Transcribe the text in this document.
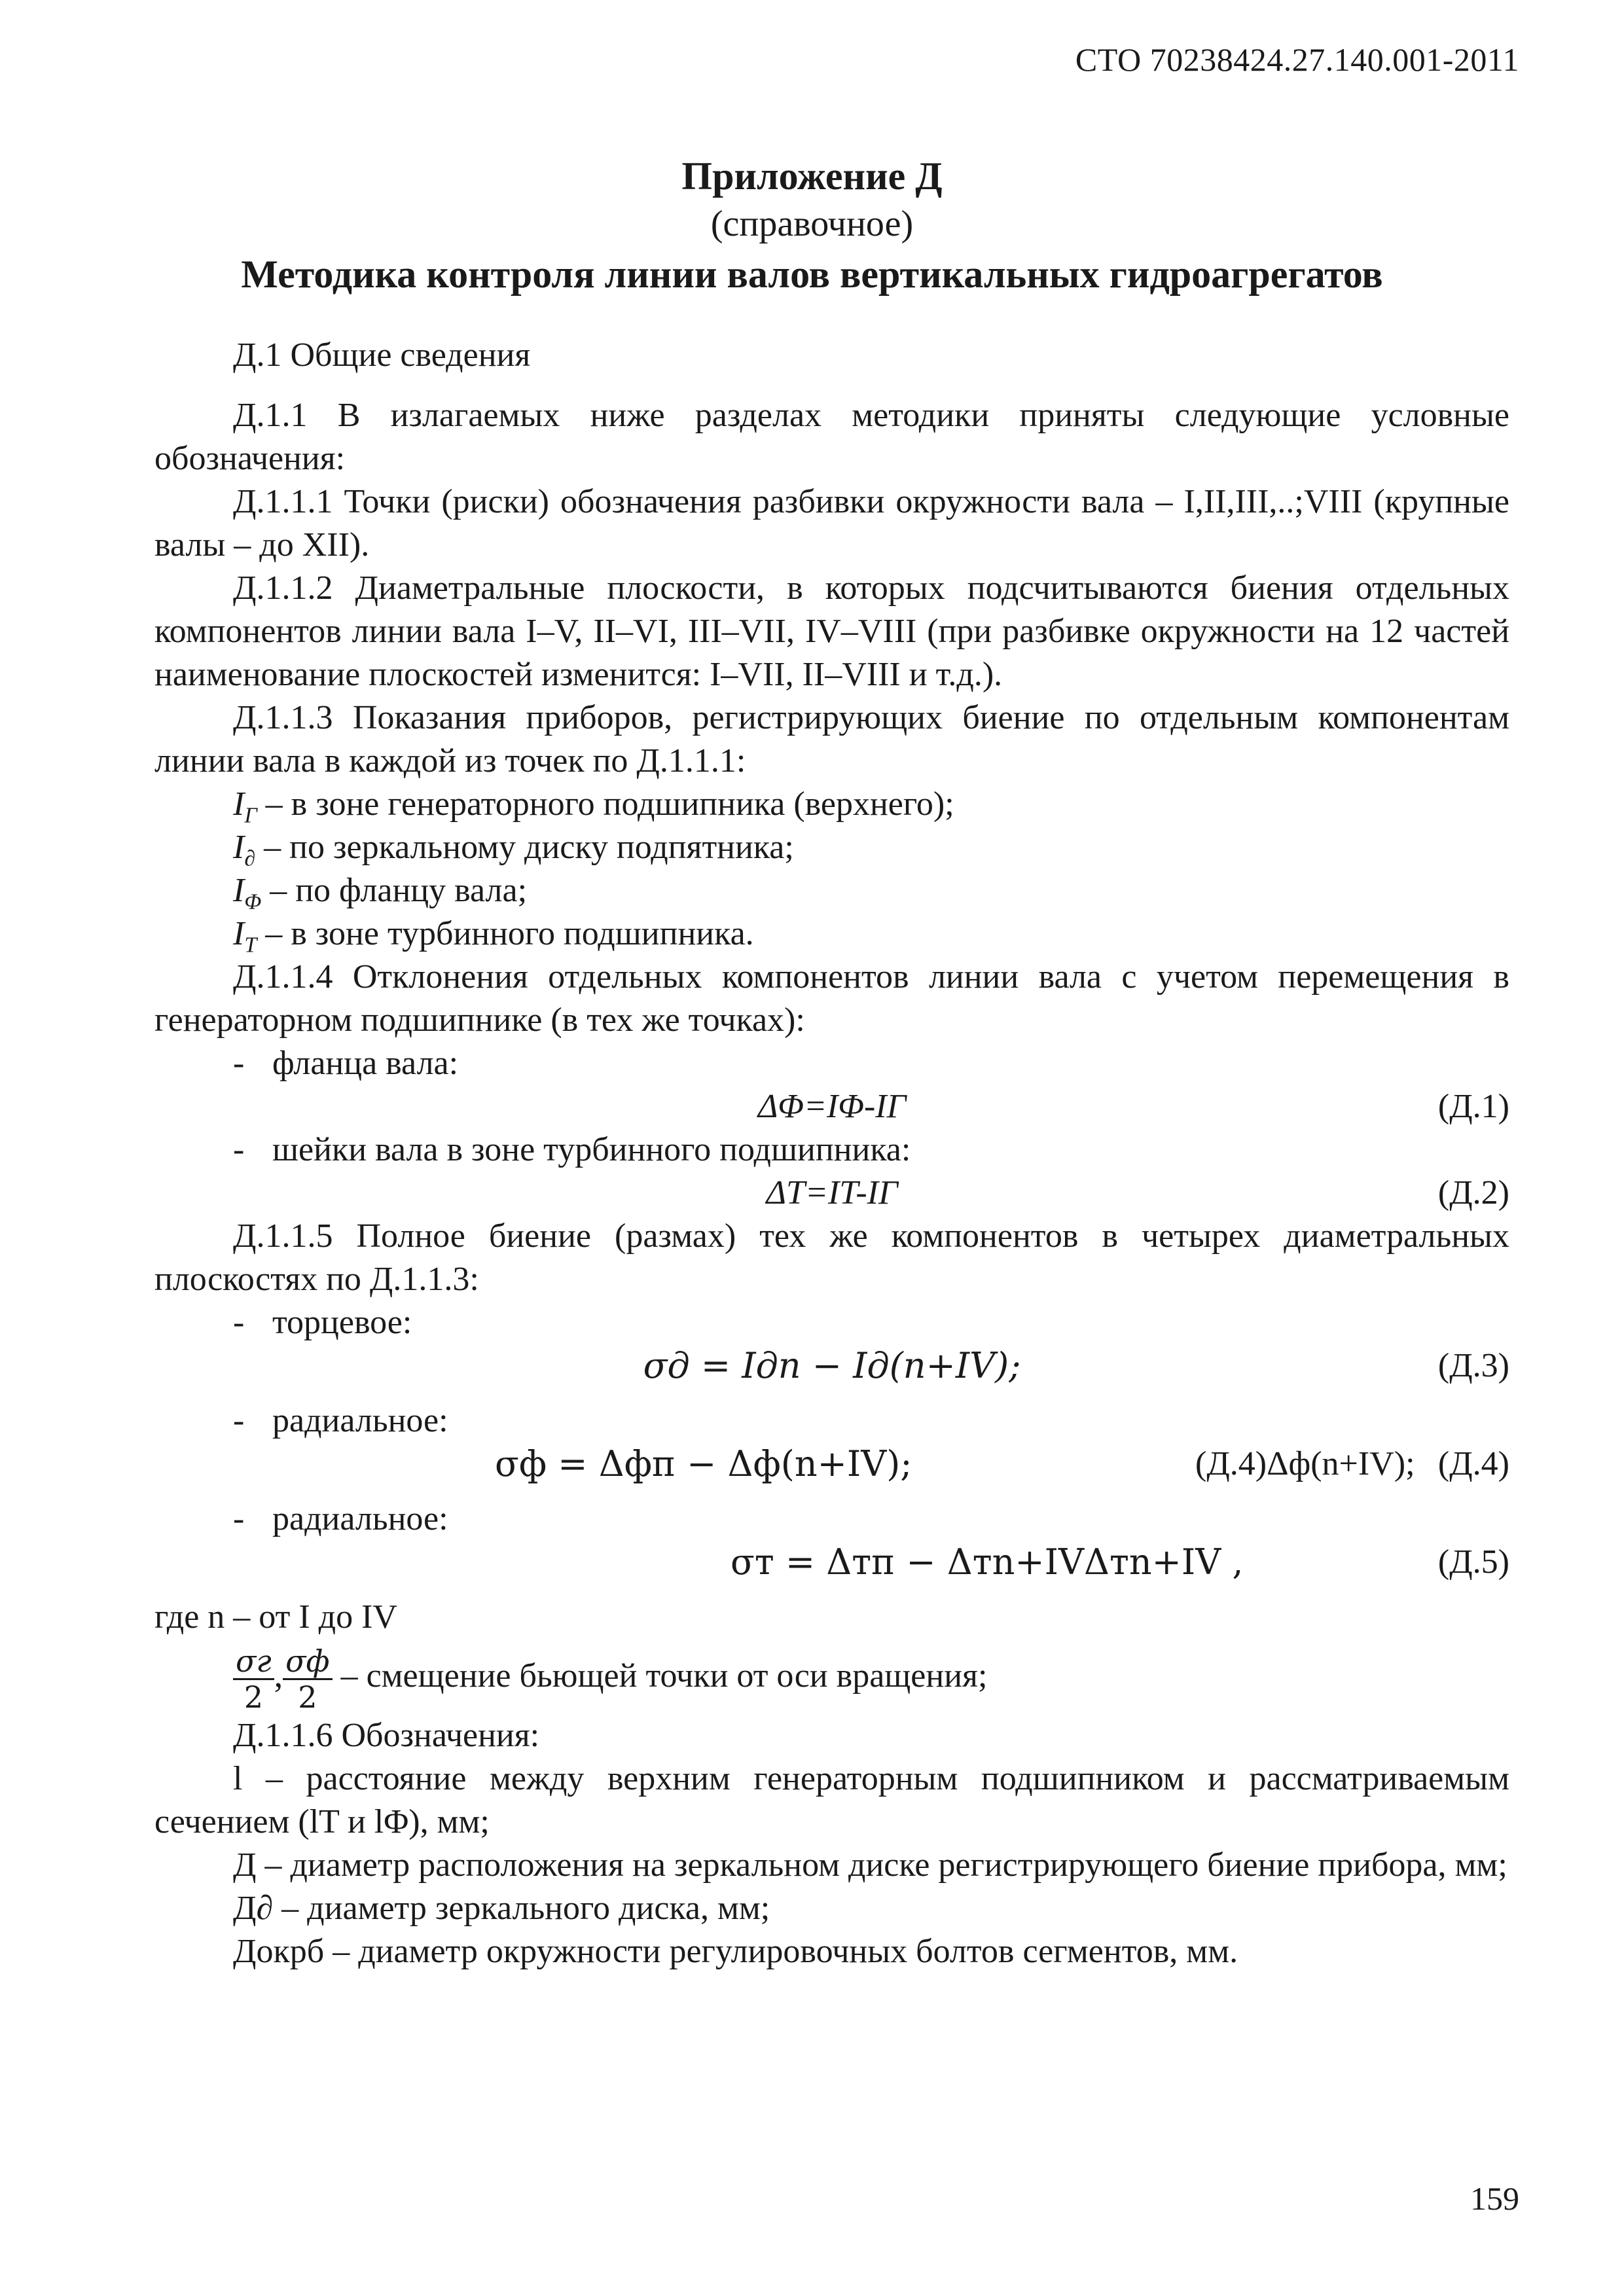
СТО 70238424.27.140.001-2011
Приложение Д
(справочное)
Методика контроля линии валов вертикальных гидроагрегатов

Д.1 Общие сведения

Д.1.1 В излагаемых ниже разделах методики приняты следующие условные обозначения:

Д.1.1.1 Точки (риски) обозначения разбивки окружности вала – I,II,III,..;VIII (крупные валы – до XII).

Д.1.1.2 Диаметральные плоскости, в которых подсчитываются биения отдельных компонентов линии вала I–V, II–VI, III–VII, IV–VIII (при разбивке окружности на 12 частей наименование плоскостей изменится: I–VII, II–VIII и т.д.).

Д.1.1.3 Показания приборов, регистрирующих биение по отдельным компонентам линии вала в каждой из точек по Д.1.1.1:

$I_Г$ – в зоне генераторного подшипника (верхнего);

$I_\partial$ – по зеркальному диску подпятника;

$I_\Phi$ – по фланцу вала;

$I_T$ – в зоне турбинного подшипника.

Д.1.1.4 Отклонения отдельных компонентов линии вала с учетом перемещения в генераторном подшипнике (в тех же точках):

- фланца вала:

ΔΦ=IΦ-IГ	(Д.1)

- шейки вала в зоне турбинного подшипника:

ΔT=IT-IГ	(Д.2)

Д.1.1.5 Полное биение (размах) тех же компонентов в четырех диаметральных плоскостях по Д.1.1.3:

- торцевое:

σд = Iдп − Iд(n+IV);	(Д.3)

- радиальное:

σф = Δфп − Δф(n+IV);	(Д.4)Δф(n+IV); (Д.4)

- радиальное:

σт = Δтп − Δтn+IVΔтn+IV ,	(Д.5)

где n – от I до IV

$\frac{\sigma г}{2}$ , $\frac{\sigma ф}{2}$ – смещение бьющей точки от оси вращения;

Д.1.1.6 Обозначения:

l – расстояние между верхним генераторным подшипником и рассматриваемым сечением (lT и lΦ), мм;

Д – диаметр расположения на зеркальном диске регистрирующего биение прибора, мм;

Д∂ – диаметр зеркального диска, мм;

Докрб – диаметр окружности регулировочных болтов сегментов, мм.

159
